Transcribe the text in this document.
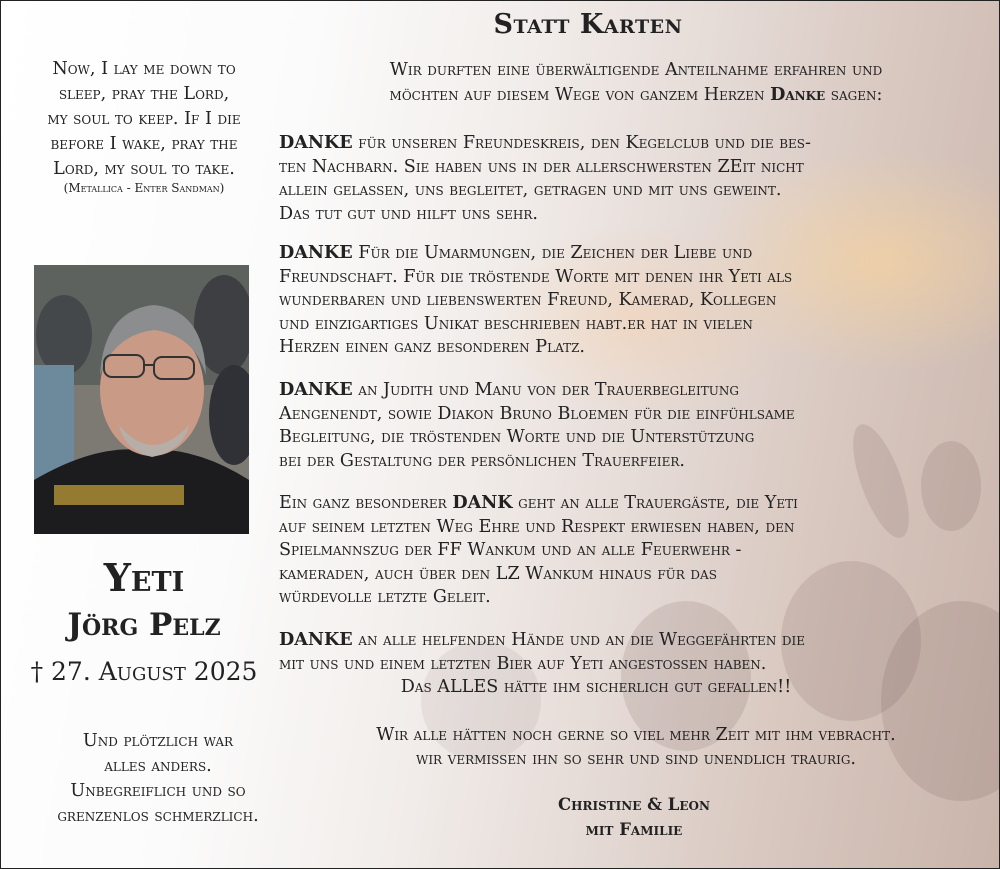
Now, I lay me down to
sleep, pray the Lord,
my soul to keep. If I die
before I wake, pray the
Lord, my soul to take.
(Metallica - Enter Sandman)
Yeti
Jörg Pelz
† 27. August 2025
Und plötzlich war
alles anders.
Unbegreiflich und so
grenzenlos schmerzlich.
Statt Karten
Wir durften eine überwältigende Anteilnahme erfahren und
möchten auf diesem Wege von ganzem Herzen Danke sagen:
DANKE für unseren Freundeskreis, den Kegelclub und die bes-
ten Nachbarn. Sie haben uns in der allerschwersten ZEit nicht
allein gelassen, uns begleitet, getragen und mit uns geweint.
Das tut gut und hilft uns sehr.
DANKE Für die Umarmungen, die Zeichen der Liebe und
Freundschaft. Für die tröstende Worte mit denen ihr Yeti als
wunderbaren und liebenswerten Freund, Kamerad, Kollegen
und einzigartiges Unikat beschrieben habt.er hat in vielen
Herzen einen ganz besonderen Platz.
DANKE an Judith und Manu von der Trauerbegleitung
Aengenendt, sowie Diakon Bruno Bloemen für die einfühlsame
Begleitung, die tröstenden Worte und die Unterstützung
bei der Gestaltung der persönlichen Trauerfeier.
Ein ganz besonderer DANK geht an alle Trauergäste, die Yeti
auf seinem letzten Weg Ehre und Respekt erwiesen haben, den
Spielmannszug der FF Wankum und an alle Feuerwehr -
kameraden, auch über den LZ Wankum hinaus für das
würdevolle letzte Geleit.
DANKE an alle helfenden Hände und an die Weggefährten die
mit uns und einem letzten Bier auf Yeti angestossen haben.
Das ALLES hätte ihm sicherlich gut gefallen!!
Wir alle hätten noch gerne so viel mehr Zeit mit ihm vebracht.
wir vermissen ihn so sehr und sind unendlich traurig.
Christine & Leon
mit Familie
